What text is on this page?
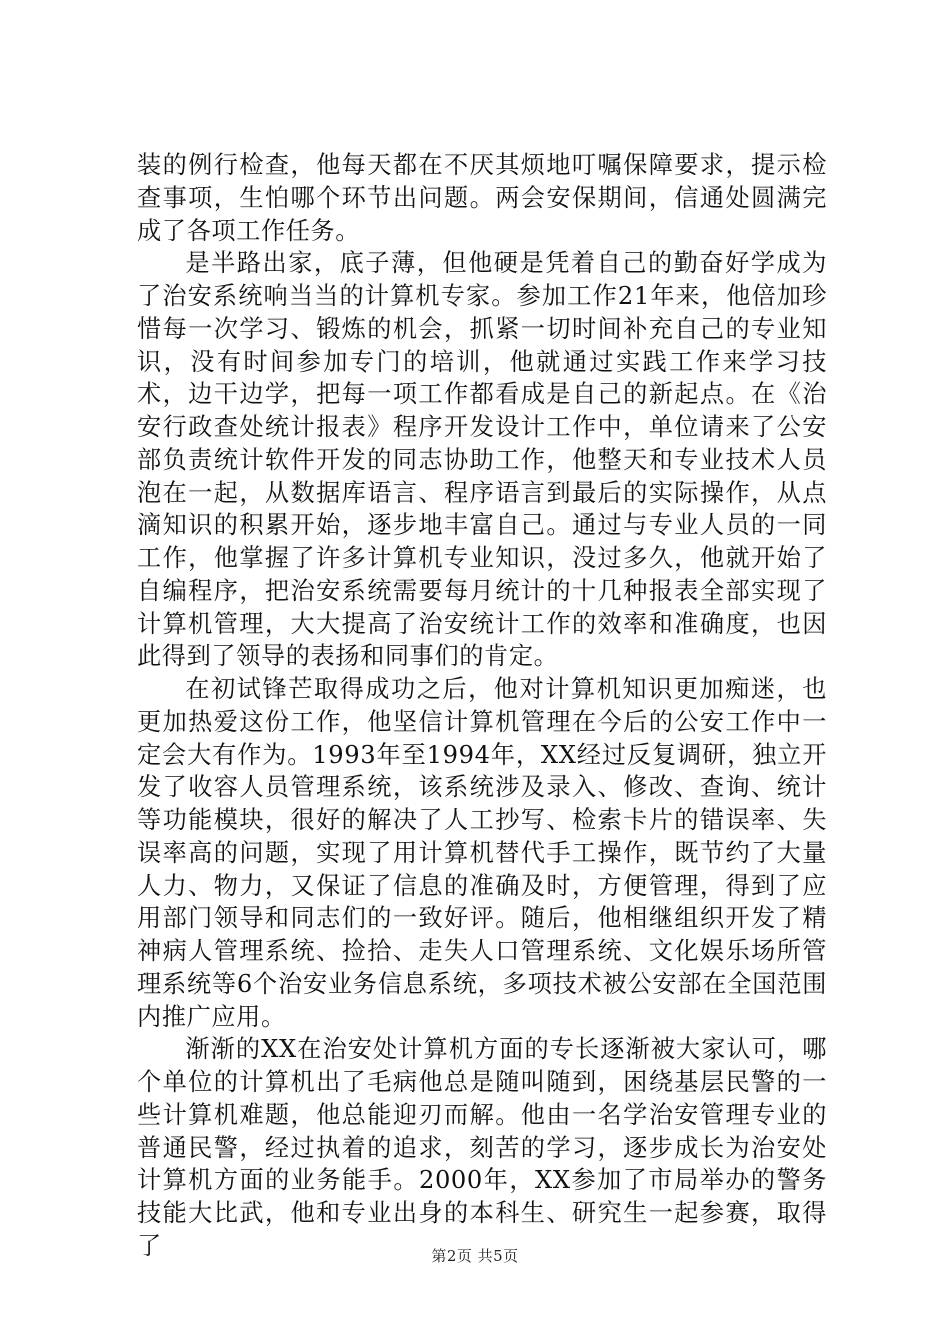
装的例行检查，他每天都在不厌其烦地叮嘱保障要求，提示检查事项，生怕哪个环节出问题。两会安保期间，信通处圆满完成了各项工作任务。

是半路出家，底子薄，但他硬是凭着自己的勤奋好学成为了治安系统响当当的计算机专家。参加工作21年来，他倍加珍惜每一次学习、锻炼的机会，抓紧一切时间补充自己的专业知识，没有时间参加专门的培训，他就通过实践工作来学习技术，边干边学，把每一项工作都看成是自己的新起点。在《治安行政查处统计报表》程序开发设计工作中，单位请来了公安部负责统计软件开发的同志协助工作，他整天和专业技术人员泡在一起，从数据库语言、程序语言到最后的实际操作，从点滴知识的积累开始，逐步地丰富自己。通过与专业人员的一同工作，他掌握了许多计算机专业知识，没过多久，他就开始了自编程序，把治安系统需要每月统计的十几种报表全部实现了计算机管理，大大提高了治安统计工作的效率和准确度，也因此得到了领导的表扬和同事们的肯定。

在初试锋芒取得成功之后，他对计算机知识更加痴迷，也更加热爱这份工作，他坚信计算机管理在今后的公安工作中一定会大有作为。1993年至1994年，XX经过反复调研，独立开发了收容人员管理系统，该系统涉及录入、修改、查询、统计等功能模块，很好的解决了人工抄写、检索卡片的错误率、失误率高的问题，实现了用计算机替代手工操作，既节约了大量人力、物力，又保证了信息的准确及时，方便管理，得到了应用部门领导和同志们的一致好评。随后，他相继组织开发了精神病人管理系统、捡拾、走失人口管理系统、文化娱乐场所管理系统等6个治安业务信息系统，多项技术被公安部在全国范围内推广应用。

渐渐的XX在治安处计算机方面的专长逐渐被大家认可，哪个单位的计算机出了毛病他总是随叫随到，困绕基层民警的一些计算机难题，他总能迎刃而解。他由一名学治安管理专业的普通民警，经过执着的追求，刻苦的学习，逐步成长为治安处计算机方面的业务能手。2000年，XX参加了市局举办的警务技能大比武，他和专业出身的本科生、研究生一起参赛，取得了	第2页 共5页
